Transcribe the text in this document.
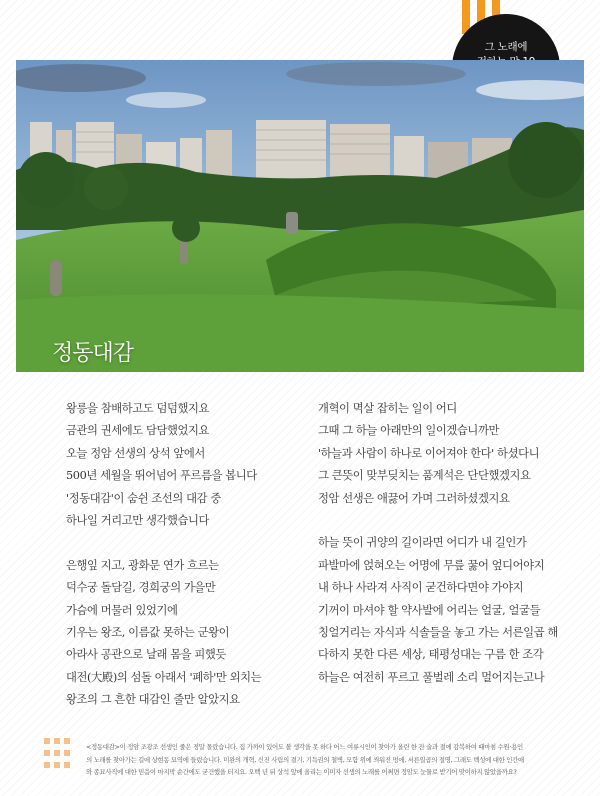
그 노래에
정동대감
왕릉을 참배하고도 덤덤했지요
금관의 권세에도 담담했었지요
오늘 정암 선생의 상석 앞에서
500년 세월을 뛰어넘어 푸르름을 봅니다
'정동대감'이 숨쉰 조선의 대감 중
하나일 거리고만 생각했습니다
은행잎 지고, 광화문 연가 흐르는
덕수궁 돌담길, 경희궁의 가을만
가슴에 머물러 있었기에
기우는 왕조, 이름값 못하는 군왕이
아라사 공관으로 날래 몸을 피했듯
대전(大殿)의 섬돌 아래서 '폐하'만 외치는
왕조의 그 흔한 대감인 줄만 알았지요
개혁이 멱살 잡히는 일이 어디
그때 그 하늘 아래만의 일이겠습니까만
'하늘과 사람이 하나로 이어져야 한다' 하셨다니
그 큰뜻이 맞부딪치는 품계석은 단단했겠지요
정암 선생은 애끓어 가며 그러하셨겠지요
하늘 뜻이 귀양의 길이라면 어디가 내 길인가
파발마에 얹혀오는 어명에 무릎 꿇어 엎디어야지
내 하나 사라져 사직이 굳건하다면야 가야지
기꺼이 마셔야 할 약사발에 어리는 얼굴, 얼굴들
칭얼거리는 자식과 식솔들을 놓고 가는 서른일곱 해
다하지 못한 다른 세상, 태평성대는 구름 한 조각
하늘은 여전히 푸르고 풀벌레 소리 멀어지는고나
<정동대감>이 정암 조광조 선생인 줄은 정말 몰랐습니다. 집 가까이 있어도 볼 생각을 못 하다 어느 여류시인이 찾아가 올린 한 잔 술과 절에 감복하여 때마침 수원·용인
의 노래를 찾아가는 길에 상현동 묘역에 들렀습니다. 미완의 개혁, 신진 사림의 결기, 기득권의 철벽, 모함 위에 씌워진 멍에, 서른일곱의 절명, 그래도 백성에 대한 인간애
와 종묘사직에 대한 믿음이 마지막 순간에도 굳건했을 터지요. 오백 년 뒤 상석 앞에 올리는 이미자 선생의 노래를 어쩌면 정암도 눈물로 받기어 맞이하지 않았을까요?
